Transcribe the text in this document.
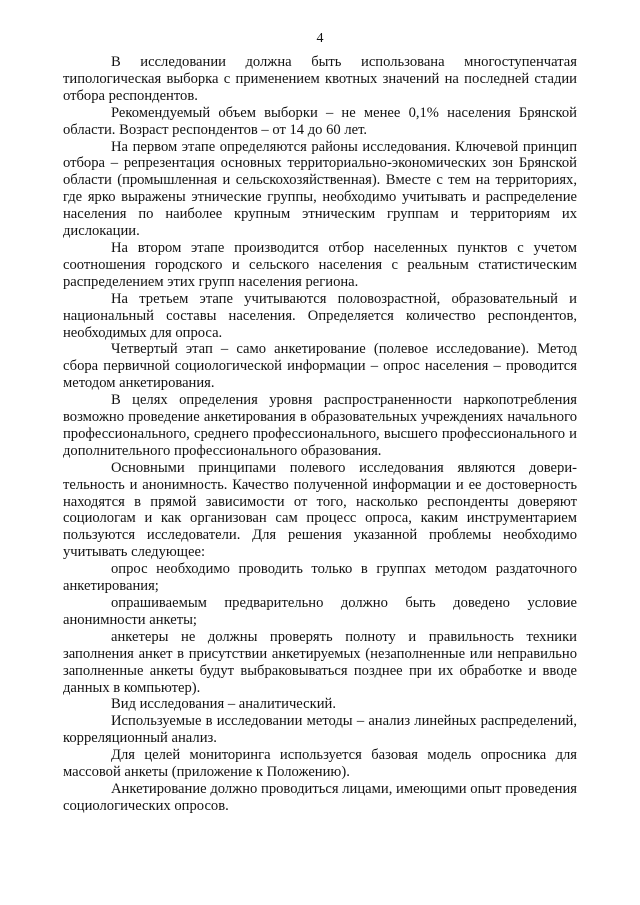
4

В исследовании должна быть использована многоступенчатая типологическая выборка с применением квотных значений на последней стадии отбора респондентов.

Рекомендуемый объем выборки – не менее 0,1% населения Брянской области. Возраст респондентов – от 14 до 60 лет.

На первом этапе определяются районы исследования. Ключевой принцип отбора – репрезентация основных территориально-экономических зон Брянской области (промышленная и сельскохозяйственная). Вместе с тем на территориях, где ярко выражены этнические группы, необходимо учитывать и распределение населения по наиболее крупным этническим группам и территориям их дислокации.

На втором этапе производится отбор населенных пунктов с учетом соотношения городского и сельского населения с реальным статистическим распределением этих групп населения региона.

На третьем этапе учитываются половозрастной, образовательный и национальный составы населения. Определяется количество респондентов, необходимых для опроса.

Четвертый этап – само анкетирование (полевое исследование). Метод сбора первичной социологической информации – опрос населения – проводится методом анкетирования.

В целях определения уровня распространенности наркопотребления возможно проведение анкетирования в образовательных учреждениях начального профессионального, среднего профессионального, высшего профессионального и дополнительного профессионального образования.

Основными принципами полевого исследования являются доверительность и анонимность. Качество полученной информации и ее достоверность находятся в прямой зависимости от того, насколько респонденты доверяют социологам и как организован сам процесс опроса, каким инструментарием пользуются исследователи. Для решения указанной проблемы необходимо учитывать следующее:

опрос необходимо проводить только в группах методом раздаточного анкетирования;

опрашиваемым предварительно должно быть доведено условие анонимности анкеты;

анкетеры не должны проверять полноту и правильность техники заполнения анкет в присутствии анкетируемых (незаполненные или неправильно заполненные анкеты будут выбраковываться позднее при их обработке и вводе данных в компьютер).

Вид исследования – аналитический.

Используемые в исследовании методы – анализ линейных распределений, корреляционный анализ.

Для целей мониторинга используется базовая модель опросника для массовой анкеты (приложение к Положению).

Анкетирование должно проводиться лицами, имеющими опыт проведения социологических опросов.
